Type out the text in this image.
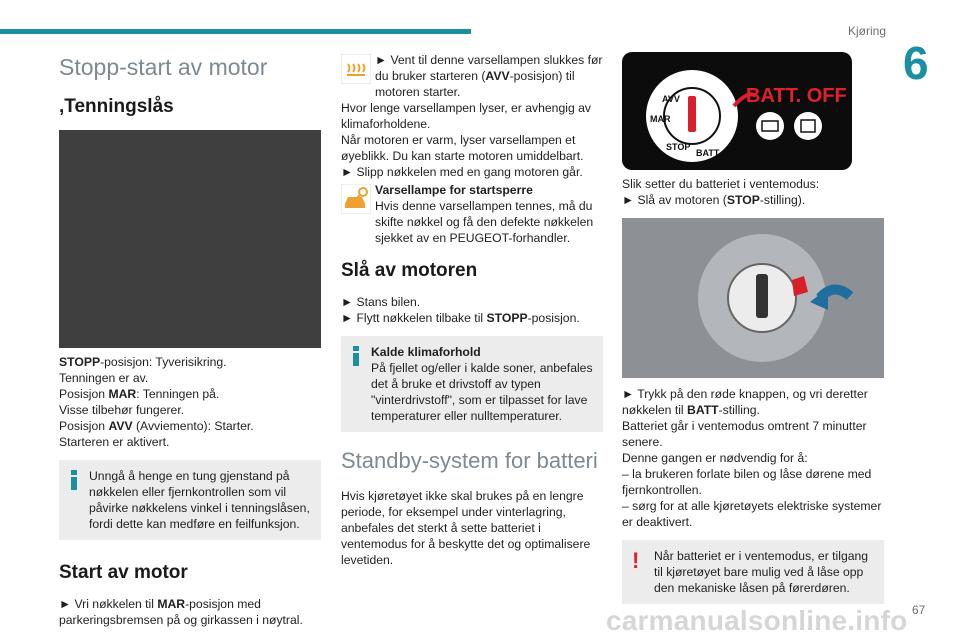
Kjøring
6
67
carmanualsonline.info
Stopp-start av motor
,Tenningslås

STOPP-posisjon: Tyverisikring.

Tenningen er av.

Posisjon MAR: Tenningen på.

Visse tilbehør fungerer.

Posisjon AVV (Avviemento): Starter.

Starteren er aktivert.

Unngå å henge en tung gjenstand på nøkkelen eller fjernkontrollen som vil påvirke nøkkelens vinkel i tenningslåsen, fordi dette kan medføre en feilfunksjon.
Start av motor

► Vri nøkkelen til MAR-posisjon med parkeringsbremsen på og girkassen i nøytral.

► Vent til denne varsellampen slukkes før du bruker starteren (AVV-posisjon) til motoren starter.

Hvor lenge varsellampen lyser, er avhengig av klimaforholdene.

Når motoren er varm, lyser varsellampen et øyeblikk. Du kan starte motoren umiddelbart.

► Slipp nøkkelen med en gang motoren går.

Varsellampe for startsperre
Hvis denne varsellampen tennes, må du skifte nøkkel og få den defekte nøkkelen sjekket av en PEUGEOT-forhandler.
Slå av motoren

► Stans bilen.

► Flytt nøkkelen tilbake til STOPP-posisjon.

Kalde klimaforhold
På fjellet og/eller i kalde soner, anbefales det å bruke et drivstoff av typen "vinterdrivstoff", som er tilpasset for lave temperaturer eller nulltemperaturer.
Standby-system for batteri

Hvis kjøretøyet ikke skal brukes på en lengre periode, for eksempel under vinterlagring, anbefales det sterkt å sette batteriet i ventemodus for å beskytte det og optimalisere levetiden.

AVV
MAR
STOP
BATT
BATT. OFF

Slik setter du batteriet i ventemodus:

► Slå av motoren (STOP-stilling).

► Trykk på den røde knappen, og vri deretter nøkkelen til BATT-stilling.

Batteriet går i ventemodus omtrent 7 minutter senere.

Denne gangen er nødvendig for å:

– la brukeren forlate bilen og låse dørene med fjernkontrollen.

– sørg for at alle kjøretøyets elektriske systemer er deaktivert.

!	Når batteriet er i ventemodus, er tilgang til kjøretøyet bare mulig ved å låse opp den mekaniske låsen på førerdøren.
